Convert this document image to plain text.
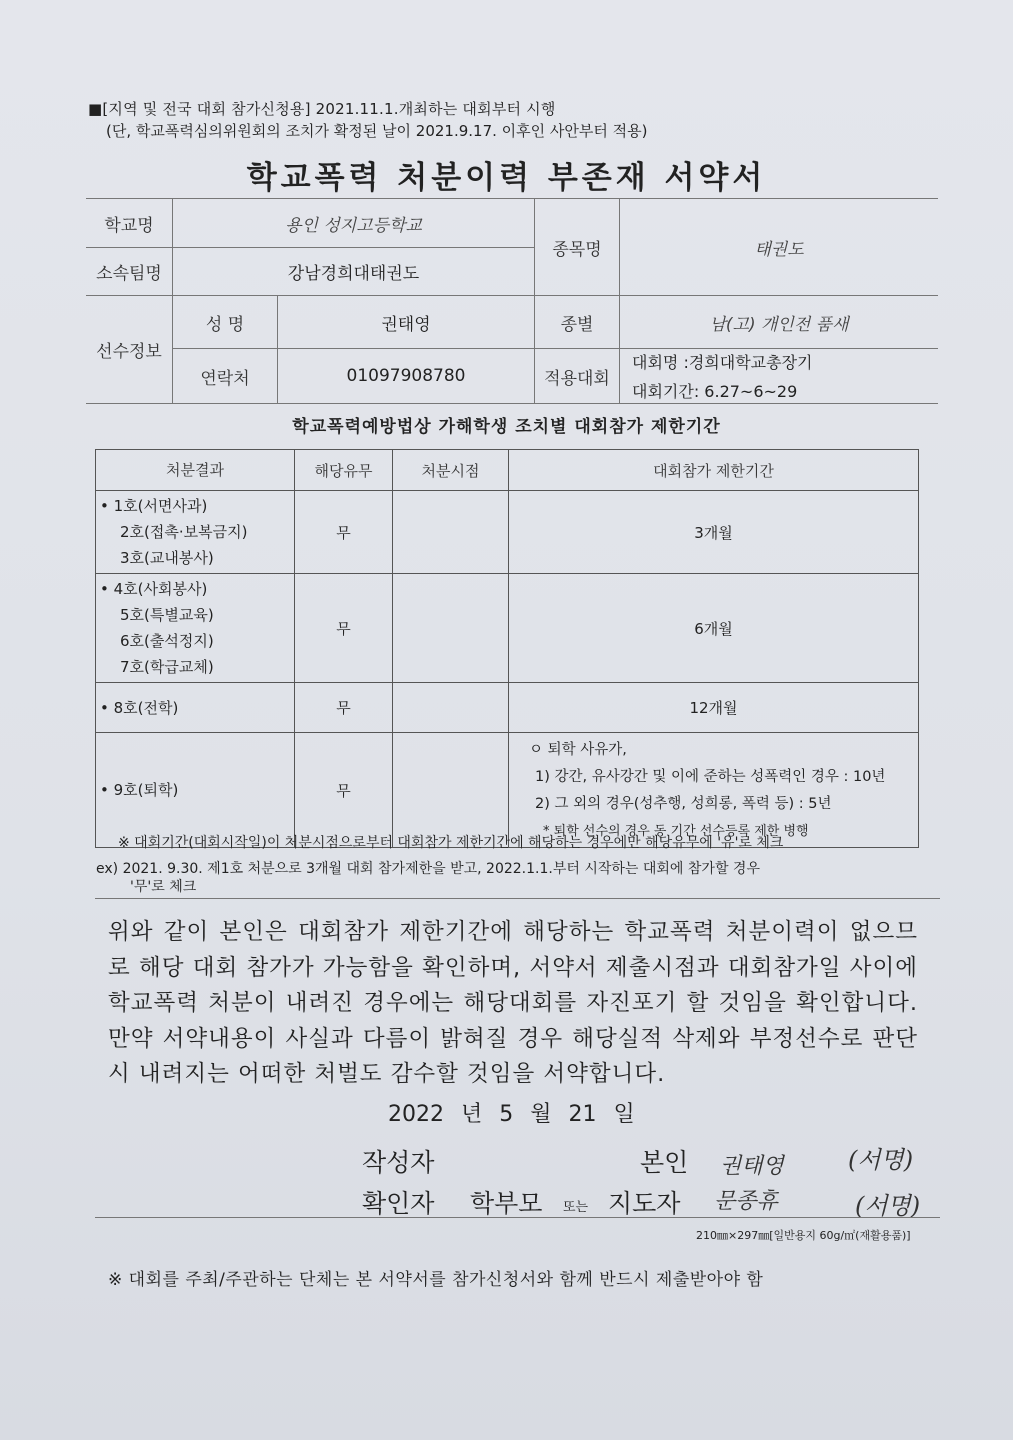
■[지역 및 전국 대회 참가신청용] 2021.11.1.개최하는 대회부터 시행
(단, 학교폭력심의위원회의 조치가 확정된 날이 2021.9.17. 이후인 사안부터 적용)
학교폭력 처분이력 부존재 서약서
학교명	용인 성지고등학교		종목명	태권도
소속팀명	강남경희대태권도			
선수정보	성 명	권태영	종별	남(고) 개인전 품새
	연락처	01097908780	적용대회	대회명 :경희대학교총장기
대회기간: 6.27~6~29
학교폭력예방법상 가해학생 조치별 대회참가 제한기간
처분결과	해당유무	처분시점	대회참가 제한기간

• 1호(서면사과)
2호(접촉·보복금지)
3호(교내봉사)	무		3개월

• 4호(사회봉사)
5호(특별교육)
6호(출석정지)
7호(학급교체)	무		6개월

• 8호(전학)	무		12개월

• 9호(퇴학)	무		ㅇ 퇴학 사유가,
1) 강간, 유사강간 및 이에 준하는 성폭력인 경우 : 10년
2) 그 외의 경우(성추행, 성희롱, 폭력 등) : 5년
* 퇴학 선수의 경우 동 기간 선수등록 제한 병행
※ 대회기간(대회시작일)이 처분시점으로부터 대회참가 제한기간에 해당하는 경우에만 해당유무에 '유'로 체크
ex) 2021. 9.30. 제1호 처분으로 3개월 대회 참가제한을 받고, 2022.1.1.부터 시작하는 대회에 참가할 경우
'무'로 체크
위와 같이 본인은 대회참가 제한기간에 해당하는 학교폭력 처분이력이 없으므로 해당 대회 참가가 가능함을 확인하며, 서약서 제출시점과 대회참가일 사이에 학교폭력 처분이 내려진 경우에는 해당대회를 자진포기 할 것임을 확인합니다. 만약 서약내용이 사실과 다름이 밝혀질 경우 해당실적 삭제와 부정선수로 판단 시 내려지는 어떠한 처벌도 감수할 것임을 서약합니다.
2022 년 5 월 21 일
작성자	본인 권태영	(서명)
확인자 학부모 또는 지도자 문종휴	(서명)
210㎜×297㎜[일반용지 60g/㎡(재활용품)]
※ 대회를 주최/주관하는 단체는 본 서약서를 참가신청서와 함께 반드시 제출받아야 함
